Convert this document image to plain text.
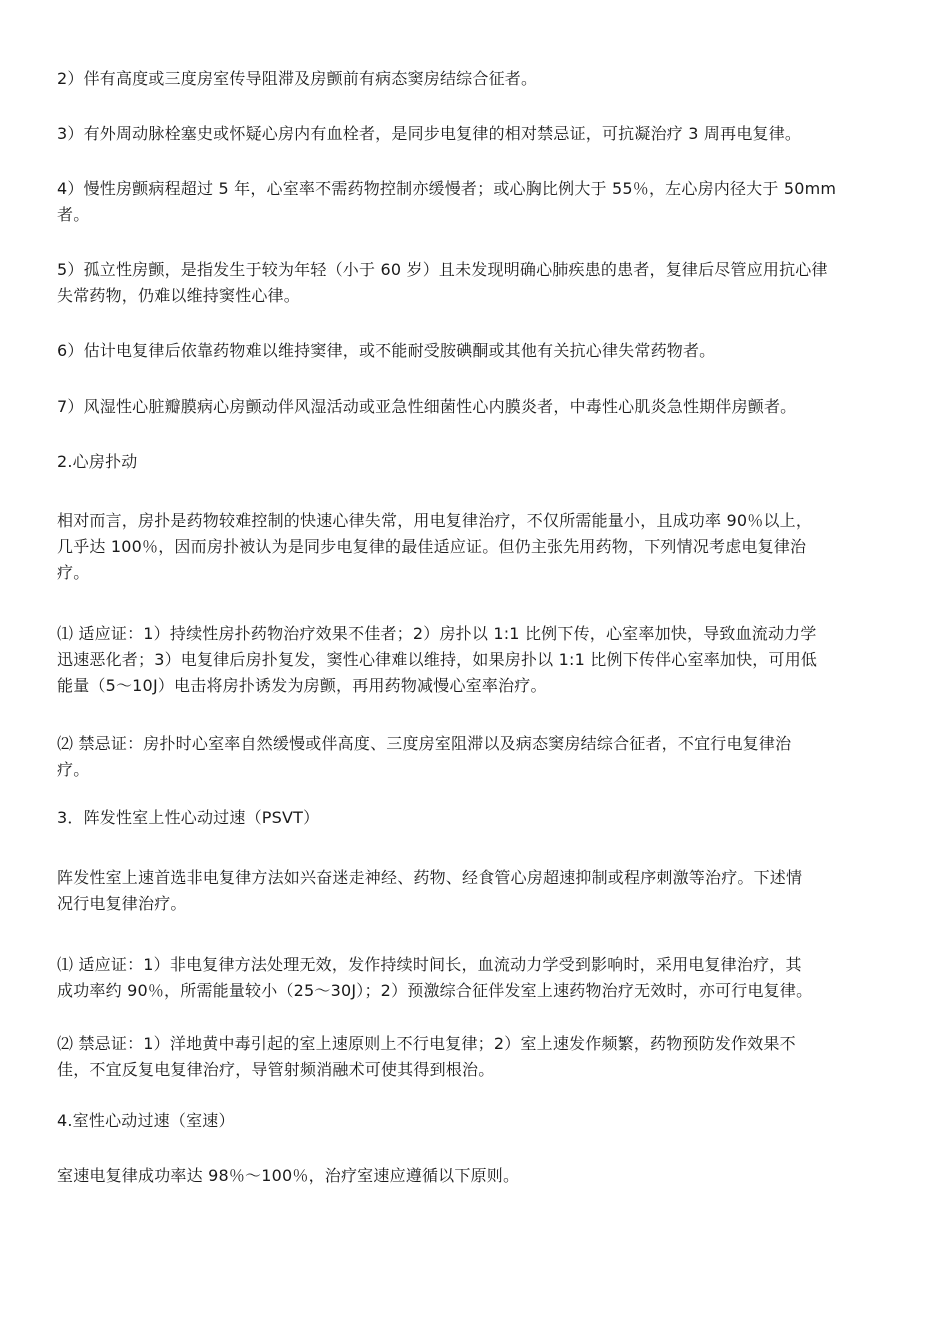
2）伴有高度或三度房室传导阻滞及房颤前有病态窦房结综合征者。

3）有外周动脉栓塞史或怀疑心房内有血栓者，是同步电复律的相对禁忌证，可抗凝治疗 3 周再电复律。

4）慢性房颤病程超过 5 年，心室率不需药物控制亦缓慢者；或心胸比例大于 55％，左心房内径大于 50mm
者。

5）孤立性房颤，是指发生于较为年轻（小于 60 岁）且未发现明确心肺疾患的患者，复律后尽管应用抗心律
失常药物，仍难以维持窦性心律。

6）估计电复律后依靠药物难以维持窦律，或不能耐受胺碘酮或其他有关抗心律失常药物者。

7）风湿性心脏瓣膜病心房颤动伴风湿活动或亚急性细菌性心内膜炎者，中毒性心肌炎急性期伴房颤者。

2.心房扑动

相对而言，房扑是药物较难控制的快速心律失常，用电复律治疗，不仅所需能量小，且成功率 90％以上，
几乎达 100％，因而房扑被认为是同步电复律的最佳适应证。但仍主张先用药物，下列情况考虑电复律治
疗。

⑴ 适应证：1）持续性房扑药物治疗效果不佳者；2）房扑以 1:1 比例下传，心室率加快，导致血流动力学
迅速恶化者；3）电复律后房扑复发，窦性心律难以维持，如果房扑以 1:1 比例下传伴心室率加快，可用低
能量（5～10J）电击将房扑诱发为房颤，再用药物减慢心室率治疗。

⑵ 禁忌证：房扑时心室率自然缓慢或伴高度、三度房室阻滞以及病态窦房结综合征者，不宜行电复律治
疗。

3．阵发性室上性心动过速（PSVT）

阵发性室上速首选非电复律方法如兴奋迷走神经、药物、经食管心房超速抑制或程序刺激等治疗。下述情
况行电复律治疗。

⑴ 适应证：1）非电复律方法处理无效，发作持续时间长，血流动力学受到影响时，采用电复律治疗，其
成功率约 90％，所需能量较小（25～30J）；2）预激综合征伴发室上速药物治疗无效时，亦可行电复律。

⑵ 禁忌证：1）洋地黄中毒引起的室上速原则上不行电复律；2）室上速发作频繁，药物预防发作效果不
佳，不宜反复电复律治疗，导管射频消融术可使其得到根治。

4.室性心动过速（室速）

室速电复律成功率达 98％～100％，治疗室速应遵循以下原则。
